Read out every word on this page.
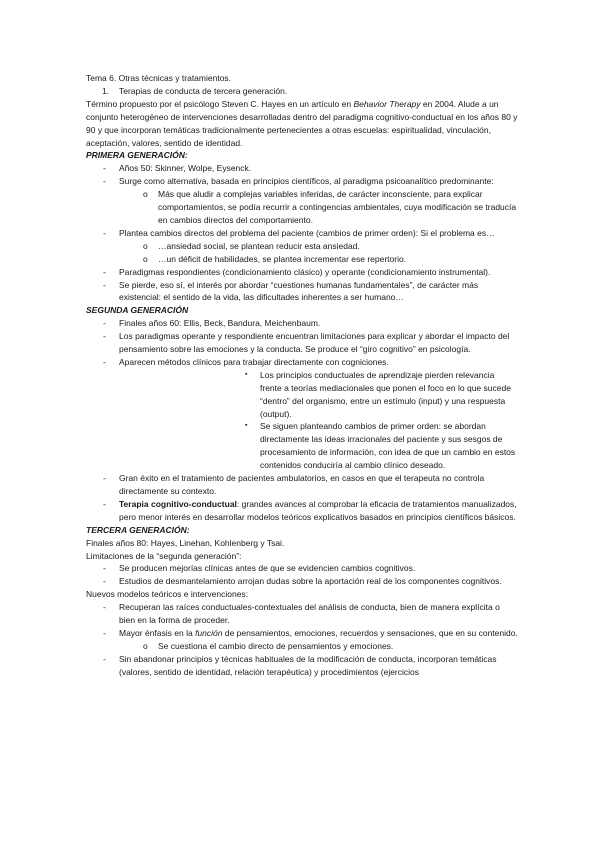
Tema 6. Otras técnicas y tratamientos.

1. Terapias de conducta de tercera generación.

Término propuesto por el psicólogo Steven C. Hayes en un artículo en Behavior Therapy en 2004. Alude a un conjunto heterogéneo de intervenciones desarrolladas dentro del paradigma cognitivo-conductual en los años 80 y 90 y que incorporan temáticas tradicionalmente pertenecientes a otras escuelas: espiritualidad, vinculación, aceptación, valores, sentido de identidad.

PRIMERA GENERACIÓN:

- Años 50: Skinner, Wolpe, Eysenck.
- Surge como alternativa, basada en principios científicos, al paradigma psicoanalítico predominante:
o Más que aludir a complejas variables inferidas, de carácter inconsciente, para explicar comportamientos, se podía recurrir a contingencias ambientales, cuya modificación se traducía en cambios directos del comportamiento.
- Plantea cambios directos del problema del paciente (cambios de primer orden): Si el problema es…
o …ansiedad social, se plantean reducir esta ansiedad.
o …un déficit de habilidades, se plantea incrementar ese repertorio.
- Paradigmas respondientes (condicionamiento clásico) y operante (condicionamiento instrumental).
- Se pierde, eso sí, el interés por abordar “cuestiones humanas fundamentales”, de carácter más existencial: el sentido de la vida, las dificultades inherentes a ser humano…

SEGUNDA GENERACIÓN

- Finales años 60: Ellis, Beck, Bandura, Meichenbaum.
- Los paradigmas operante y respondiente encuentran limitaciones para explicar y abordar el impacto del pensamiento sobre las emociones y la conducta. Se produce el “giro cognitivo” en psicología.
- Aparecen métodos clínicos para trabajar directamente con cogniciones.
▪ Los principios conductuales de aprendizaje pierden relevancia frente a teorías mediacionales que ponen el foco en lo que sucede “dentro” del organismo, entre un estímulo (input) y una respuesta (output).
▪ Se siguen planteando cambios de primer orden: se abordan directamente las ideas irracionales del paciente y sus sesgos de procesamiento de información, con idea de que un cambio en estos contenidos conduciría al cambio clínico deseado.
- Gran éxito en el tratamiento de pacientes ambulatorios, en casos en que el terapeuta no controla directamente su contexto.
- Terapia cognitivo-conductual: grandes avances al comprobar la eficacia de tratamientos manualizados, pero menor interés en desarrollar modelos teóricos explicativos basados en principios científicos básicos.

TERCERA GENERACIÓN:

Finales años 80: Hayes, Linehan, Kohlenberg y Tsai.

Limitaciones de la “segunda generación”:

- Se producen mejorías clínicas antes de que se evidencien cambios cognitivos.
- Estudios de desmantelamiento arrojan dudas sobre la aportación real de los componentes cognitivos.

Nuevos modelos teóricos e intervenciones:

- Recuperan las raíces conductuales-contextuales del análisis de conducta, bien de manera explícita o bien en la forma de proceder.
- Mayor énfasis en la función de pensamientos, emociones, recuerdos y sensaciones, que en su contenido.
o Se cuestiona el cambio directo de pensamientos y emociones.
- Sin abandonar principios y técnicas habituales de la modificación de conducta, incorporan temáticas (valores, sentido de identidad, relación terapéutica) y procedimientos (ejercicios
